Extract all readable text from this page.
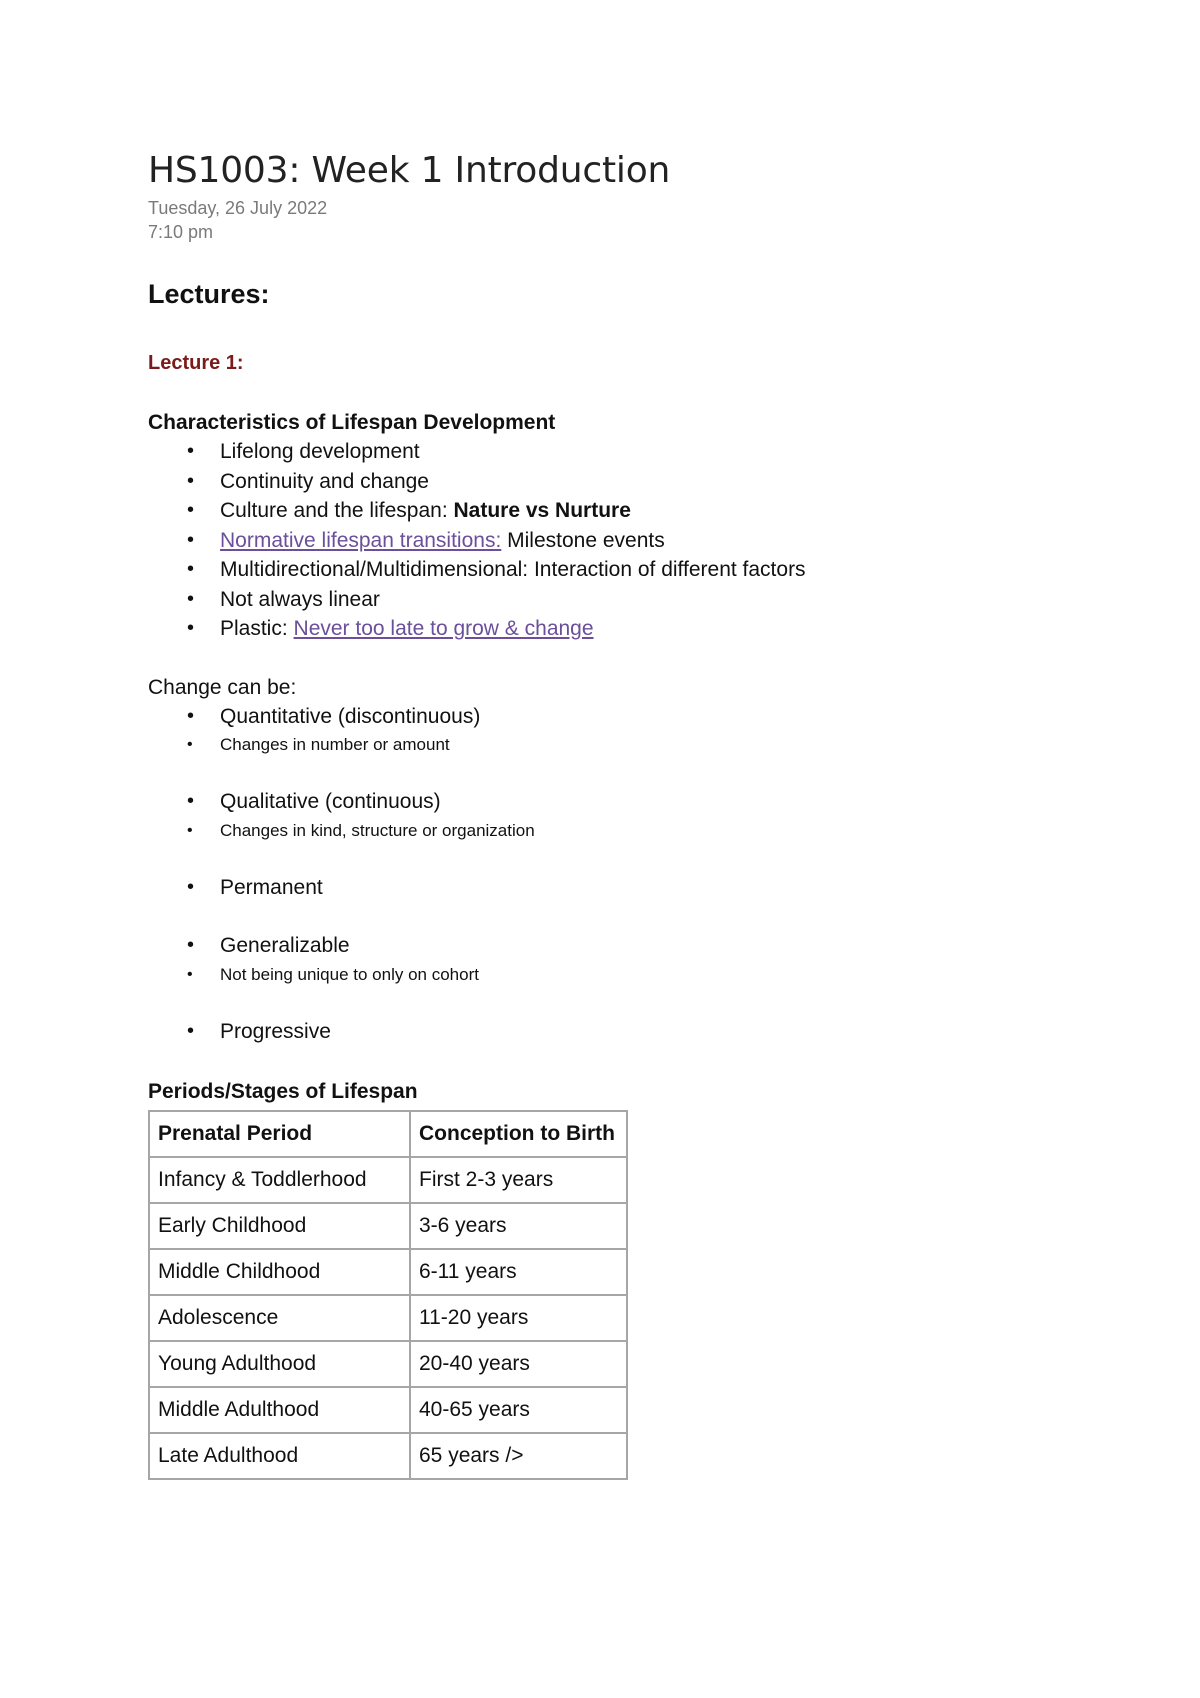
HS1003: Week 1 Introduction
Tuesday, 26 July 2022
7:10 pm
Lectures:
Lecture 1:
Characteristics of Lifespan Development
• Lifelong development
• Continuity and change
• Culture and the lifespan: Nature vs Nurture
• Normative lifespan transitions: Milestone events
• Multidirectional/Multidimensional: Interaction of different factors
• Not always linear
• Plastic: Never too late to grow & change
Change can be:
• Quantitative (discontinuous)
• Changes in number or amount
• Qualitative (continuous)
• Changes in kind, structure or organization
• Permanent
• Generalizable
• Not being unique to only on cohort
• Progressive
Periods/Stages of Lifespan
Prenatal Period	Conception to Birth
Infancy & Toddlerhood	First 2-3 years
Early Childhood	3-6 years
Middle Childhood	6-11 years
Adolescence	11-20 years
Young Adulthood	20-40 years
Middle Adulthood	40-65 years
Late Adulthood	65 years />
